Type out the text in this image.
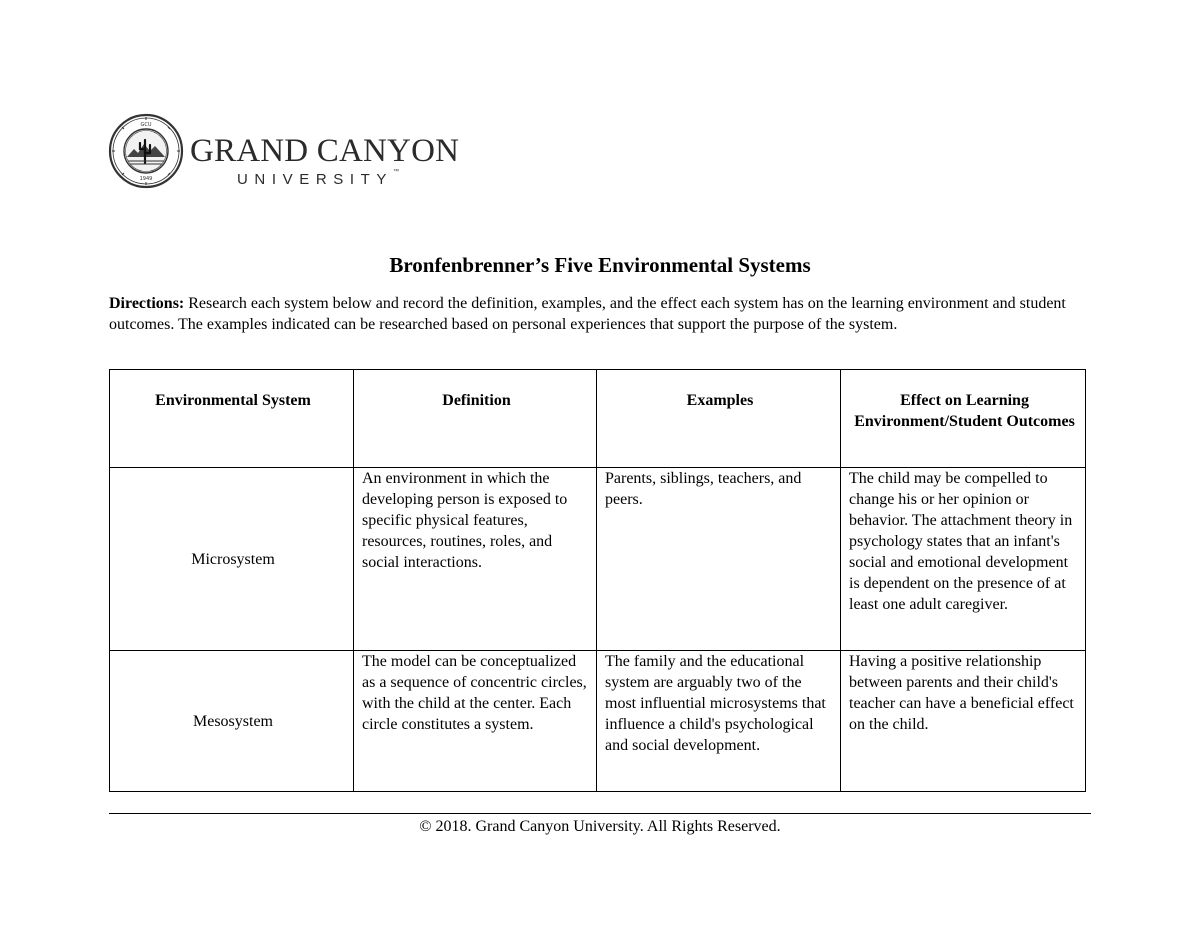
GCU
1949
GRAND CANYON
UNIVERSITY™
Bronfenbrenner’s Five Environmental Systems
Directions: Research each system below and record the definition, examples, and the effect each system has on the learning environment and student outcomes. The examples indicated can be researched based on personal experiences that support the purpose of the system.
Environmental System	Definition	Examples	Effect on Learning Environment/Student Outcomes
Microsystem	An environment in which the developing person is exposed to specific physical features, resources, routines, roles, and social interactions.	Parents, siblings, teachers, and peers.	The child may be compelled to change his or her opinion or behavior. The attachment theory in psychology states that an infant's social and emotional development is dependent on the presence of at least one adult caregiver.
Mesosystem	The model can be conceptualized as a sequence of concentric circles, with the child at the center. Each circle constitutes a system.	The family and the educational system are arguably two of the most influential microsystems that influence a child's psychological and social development.	Having a positive relationship between parents and their child's teacher can have a beneficial effect on the child.
© 2018. Grand Canyon University. All Rights Reserved.
